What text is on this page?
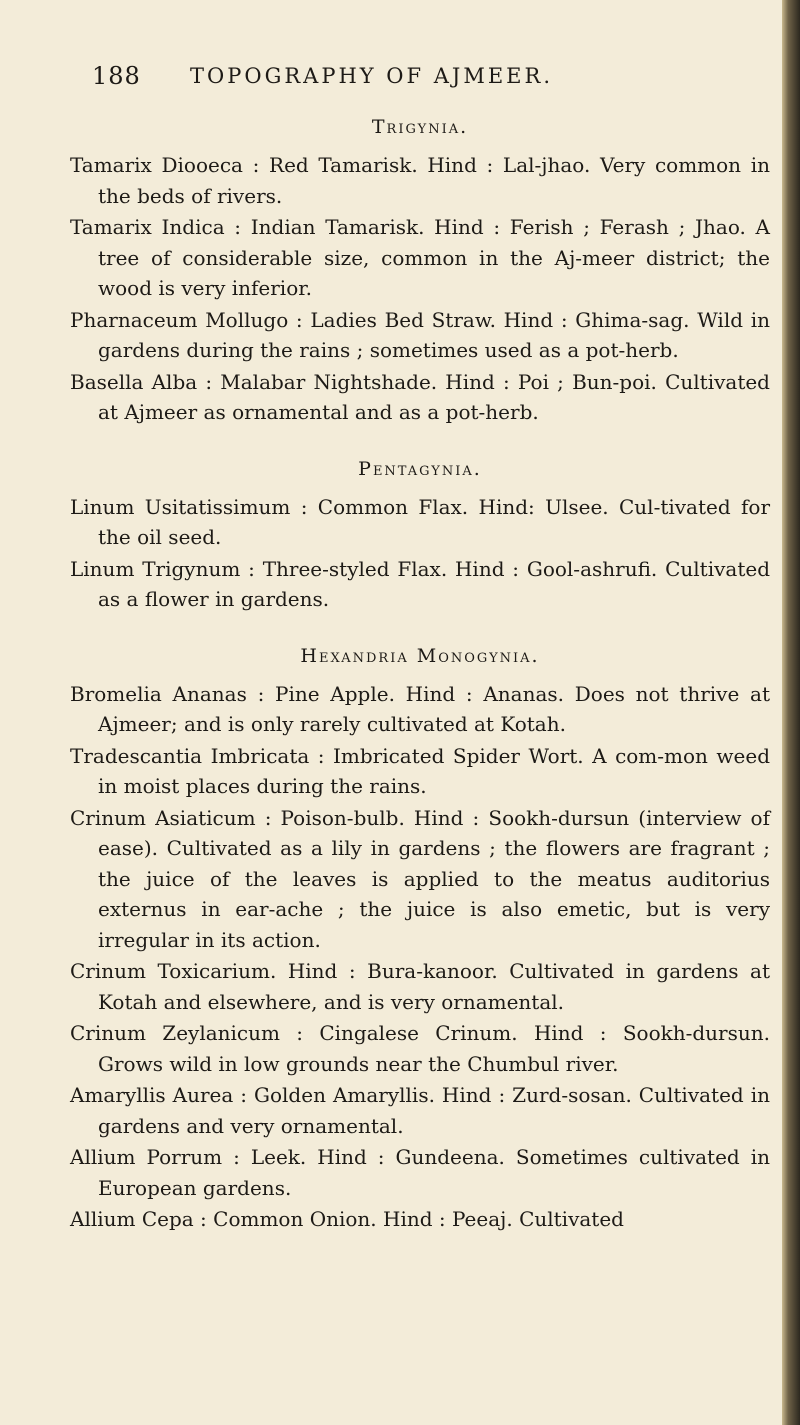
188 TOPOGRAPHY OF AJMEER.
Trigynia.

Tamarix Diooeca : Red Tamarisk. Hind : Lal-jhao. Very common in the beds of rivers.

Tamarix Indica : Indian Tamarisk. Hind : Ferish ; Ferash ; Jhao. A tree of considerable size, common in the Aj-meer district; the wood is very inferior.

Pharnaceum Mollugo : Ladies Bed Straw. Hind : Ghima-sag. Wild in gardens during the rains ; sometimes used as a pot-herb.

Basella Alba : Malabar Nightshade. Hind : Poi ; Bun-poi. Cultivated at Ajmeer as ornamental and as a pot-herb.

Pentagynia.

Linum Usitatissimum : Common Flax. Hind: Ulsee. Cul-tivated for the oil seed.

Linum Trigynum : Three-styled Flax. Hind : Gool-ashrufi. Cultivated as a flower in gardens.

Hexandria Monogynia.

Bromelia Ananas : Pine Apple. Hind : Ananas. Does not thrive at Ajmeer; and is only rarely cultivated at Kotah.

Tradescantia Imbricata : Imbricated Spider Wort. A com-mon weed in moist places during the rains.

Crinum Asiaticum : Poison-bulb. Hind : Sookh-dursun (interview of ease). Cultivated as a lily in gardens ; the flowers are fragrant ; the juice of the leaves is applied to the meatus auditorius externus in ear-ache ; the juice is also emetic, but is very irregular in its action.

Crinum Toxicarium. Hind : Bura-kanoor. Cultivated in gardens at Kotah and elsewhere, and is very ornamental.

Crinum Zeylanicum : Cingalese Crinum. Hind : Sookh-dursun. Grows wild in low grounds near the Chumbul river.

Amaryllis Aurea : Golden Amaryllis. Hind : Zurd-sosan. Cultivated in gardens and very ornamental.

Allium Porrum : Leek. Hind : Gundeena. Sometimes cultivated in European gardens.

Allium Cepa : Common Onion. Hind : Peeaj. Cultivated
